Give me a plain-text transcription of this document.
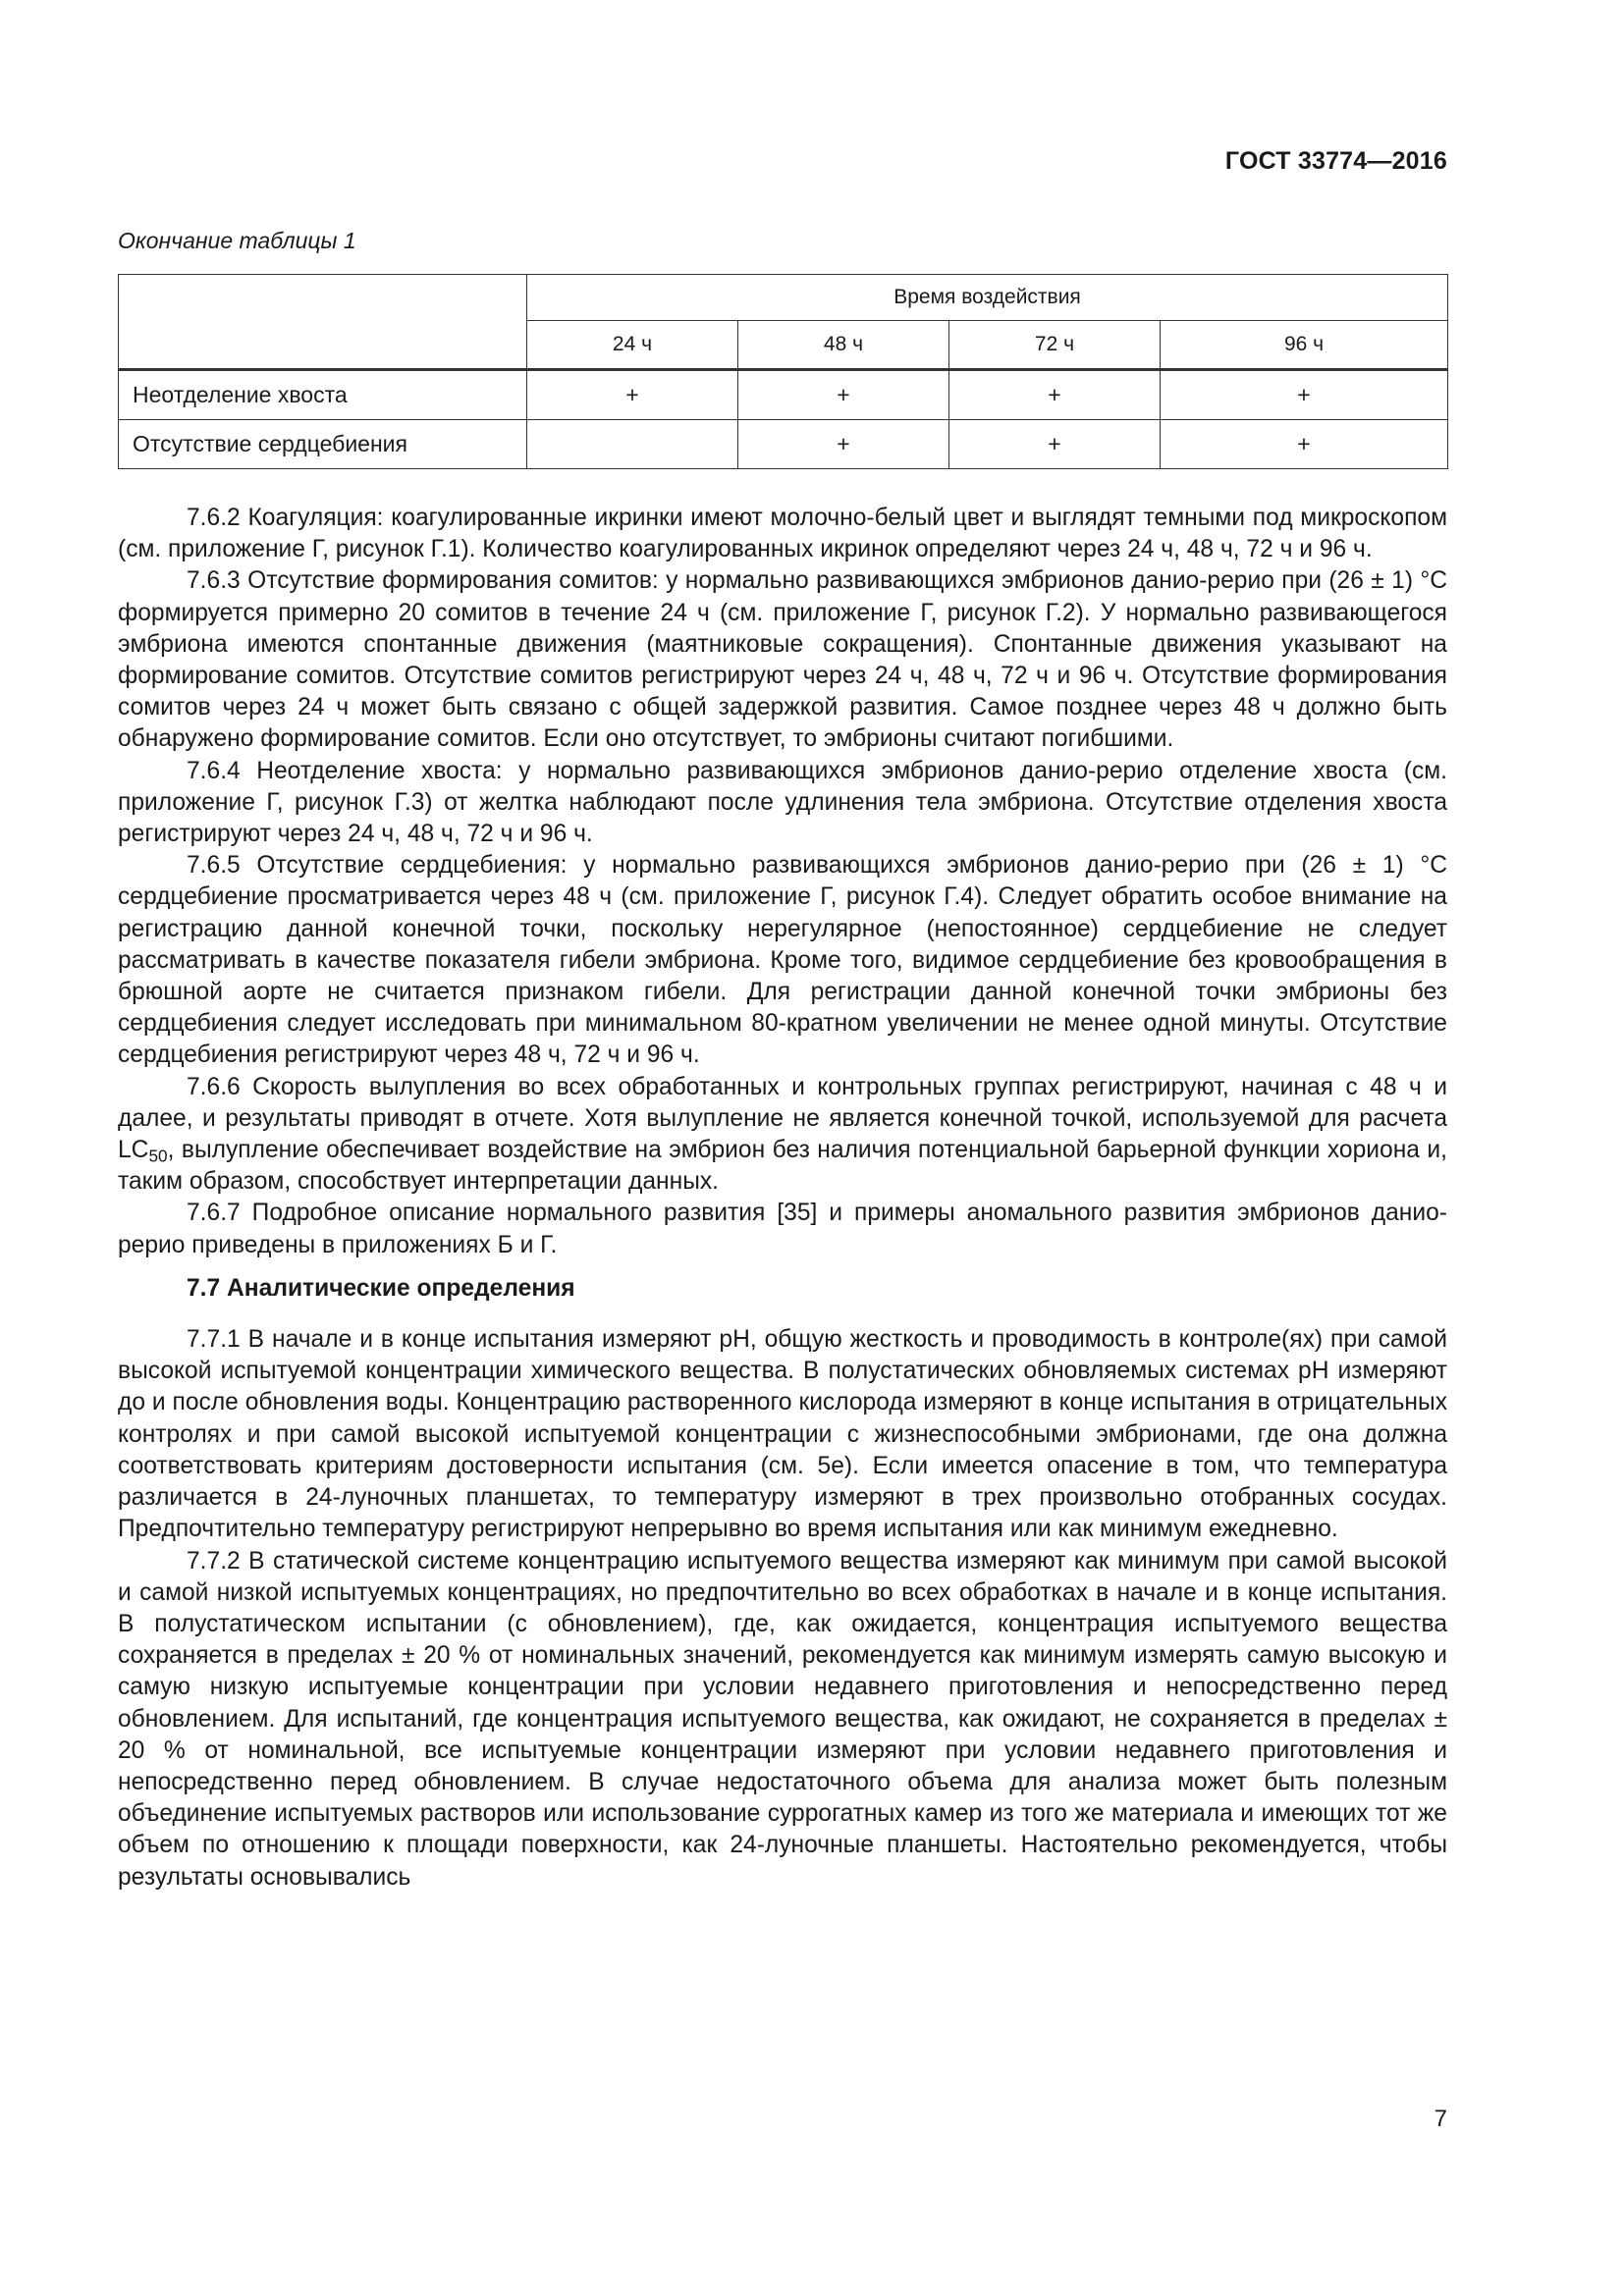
ГОСТ 33774—2016
Окончание таблицы 1
	Время воздействия			
	24 ч	48 ч	72 ч	96 ч
Неотделение хвоста	+	+	+	+
Отсутствие сердцебиения		+	+	+

7.6.2 Коагуляция: коагулированные икринки имеют молочно-белый цвет и выглядят темными под микроскопом (см. приложение Г, рисунок Г.1). Количество коагулированных икринок определяют через 24 ч, 48 ч, 72 ч и 96 ч.

7.6.3 Отсутствие формирования сомитов: у нормально развивающихся эмбрионов данио-рерио при (26 ± 1) °С формируется примерно 20 сомитов в течение 24 ч (см. приложение Г, рисунок Г.2). У нормально развивающегося эмбриона имеются спонтанные движения (маятниковые сокращения). Спонтанные движения указывают на формирование сомитов. Отсутствие сомитов регистрируют через 24 ч, 48 ч, 72 ч и 96 ч. Отсутствие формирования сомитов через 24 ч может быть связано с общей задержкой развития. Самое позднее через 48 ч должно быть обнаружено формирование сомитов. Если оно отсутствует, то эмбрионы считают погибшими.

7.6.4 Неотделение хвоста: у нормально развивающихся эмбрионов данио-рерио отделение хвоста (см. приложение Г, рисунок Г.3) от желтка наблюдают после удлинения тела эмбриона. Отсутствие отделения хвоста регистрируют через 24 ч, 48 ч, 72 ч и 96 ч.

7.6.5 Отсутствие сердцебиения: у нормально развивающихся эмбрионов данио-рерио при (26 ± 1) °С сердцебиение просматривается через 48 ч (см. приложение Г, рисунок Г.4). Следует обратить особое внимание на регистрацию данной конечной точки, поскольку нерегулярное (непостоянное) сердцебиение не следует рассматривать в качестве показателя гибели эмбриона. Кроме того, видимое сердцебиение без кровообращения в брюшной аорте не считается признаком гибели. Для регистрации данной конечной точки эмбрионы без сердцебиения следует исследовать при минимальном 80-кратном увеличении не менее одной минуты. Отсутствие сердцебиения регистрируют через 48 ч, 72 ч и 96 ч.

7.6.6 Скорость вылупления во всех обработанных и контрольных группах регистрируют, начиная с 48 ч и далее, и результаты приводят в отчете. Хотя вылупление не является конечной точкой, используемой для расчета $LC_{50}$, вылупление обеспечивает воздействие на эмбрион без наличия потенциальной барьерной функции хориона и, таким образом, способствует интерпретации данных.

7.6.7 Подробное описание нормального развития [35] и примеры аномального развития эмбрионов данио-рерио приведены в приложениях Б и Г.

7.7 Аналитические определения

7.7.1 В начале и в конце испытания измеряют рН, общую жесткость и проводимость в контроле(ях) при самой высокой испытуемой концентрации химического вещества. В полустатических обновляемых системах рН измеряют до и после обновления воды. Концентрацию растворенного кислорода измеряют в конце испытания в отрицательных контролях и при самой высокой испытуемой концентрации с жизнеспособными эмбрионами, где она должна соответствовать критериям достоверности испытания (см. 5е). Если имеется опасение в том, что температура различается в 24-луночных планшетах, то температуру измеряют в трех произвольно отобранных сосудах. Предпочтительно температуру регистрируют непрерывно во время испытания или как минимум ежедневно.

7.7.2 В статической системе концентрацию испытуемого вещества измеряют как минимум при самой высокой и самой низкой испытуемых концентрациях, но предпочтительно во всех обработках в начале и в конце испытания. В полустатическом испытании (с обновлением), где, как ожидается, концентрация испытуемого вещества сохраняется в пределах ± 20 % от номинальных значений, рекомендуется как минимум измерять самую высокую и самую низкую испытуемые концентрации при условии недавнего приготовления и непосредственно перед обновлением. Для испытаний, где концентрация испытуемого вещества, как ожидают, не сохраняется в пределах ± 20 % от номинальной, все испытуемые концентрации измеряют при условии недавнего приготовления и непосредственно перед обновлением. В случае недостаточного объема для анализа может быть полезным объединение испытуемых растворов или использование суррогатных камер из того же материала и имеющих тот же объем по отношению к площади поверхности, как 24-луночные планшеты. Настоятельно рекомендуется, чтобы результаты основывались

7
